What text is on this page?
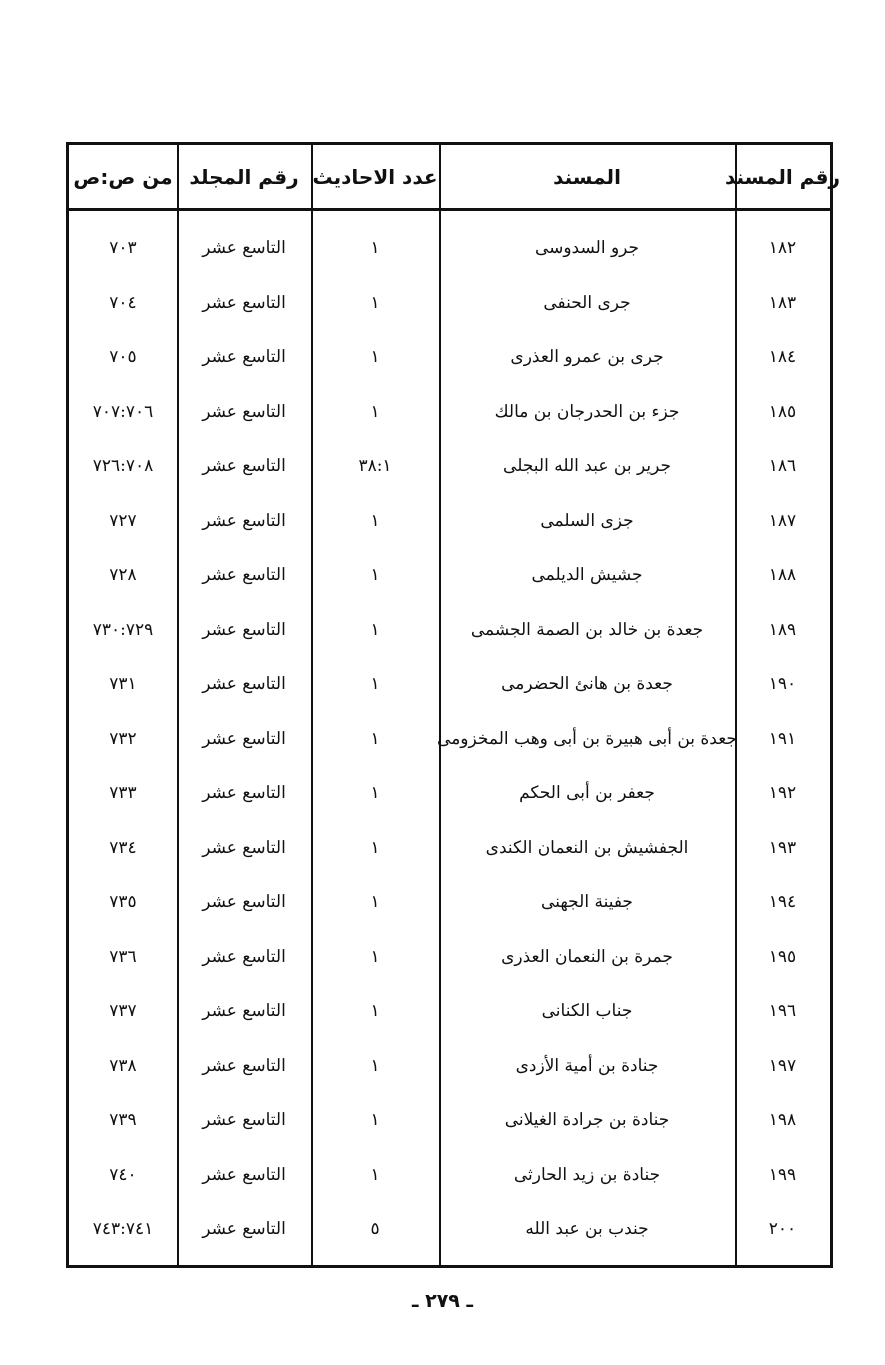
رقم المسند
المسند
عدد الاحاديث
رقم المجلد
من ص:ص
١٨٢
جرو السدوسى
١
التاسع عشر
٧٠٣
١٨٣
جرى الحنفى
١
التاسع عشر
٧٠٤
١٨٤
جرى بن عمرو العذرى
١
التاسع عشر
٧٠٥
١٨٥
جزء بن الحدرجان بن مالك
١
التاسع عشر
٧٠٧:٧٠٦
١٨٦
جرير بن عبد الله البجلى
٣٨:١
التاسع عشر
٧٢٦:٧٠٨
١٨٧
جزى السلمى
١
التاسع عشر
٧٢٧
١٨٨
جشيش الديلمى
١
التاسع عشر
٧٢٨
١٨٩
جعدة بن خالد بن الصمة الجشمى
١
التاسع عشر
٧٣٠:٧٢٩
١٩٠
جعدة بن هانئ الحضرمى
١
التاسع عشر
٧٣١
١٩١
جعدة بن أبى هبيرة بن أبى وهب المخزومى
١
التاسع عشر
٧٣٢
١٩٢
جعفر بن أبى الحكم
١
التاسع عشر
٧٣٣
١٩٣
الجفشيش بن النعمان الكندى
١
التاسع عشر
٧٣٤
١٩٤
جفينة الجهنى
١
التاسع عشر
٧٣٥
١٩٥
جمرة بن النعمان العذرى
١
التاسع عشر
٧٣٦
١٩٦
جناب الكنانى
١
التاسع عشر
٧٣٧
١٩٧
جنادة بن أمية الأزدى
١
التاسع عشر
٧٣٨
١٩٨
جنادة بن جرادة الغيلانى
١
التاسع عشر
٧٣٩
١٩٩
جنادة بن زيد الحارثى
١
التاسع عشر
٧٤٠
٢٠٠
جندب بن عبد الله
٥
التاسع عشر
٧٤٣:٧٤١
ـ ٢٧٩ ـ
